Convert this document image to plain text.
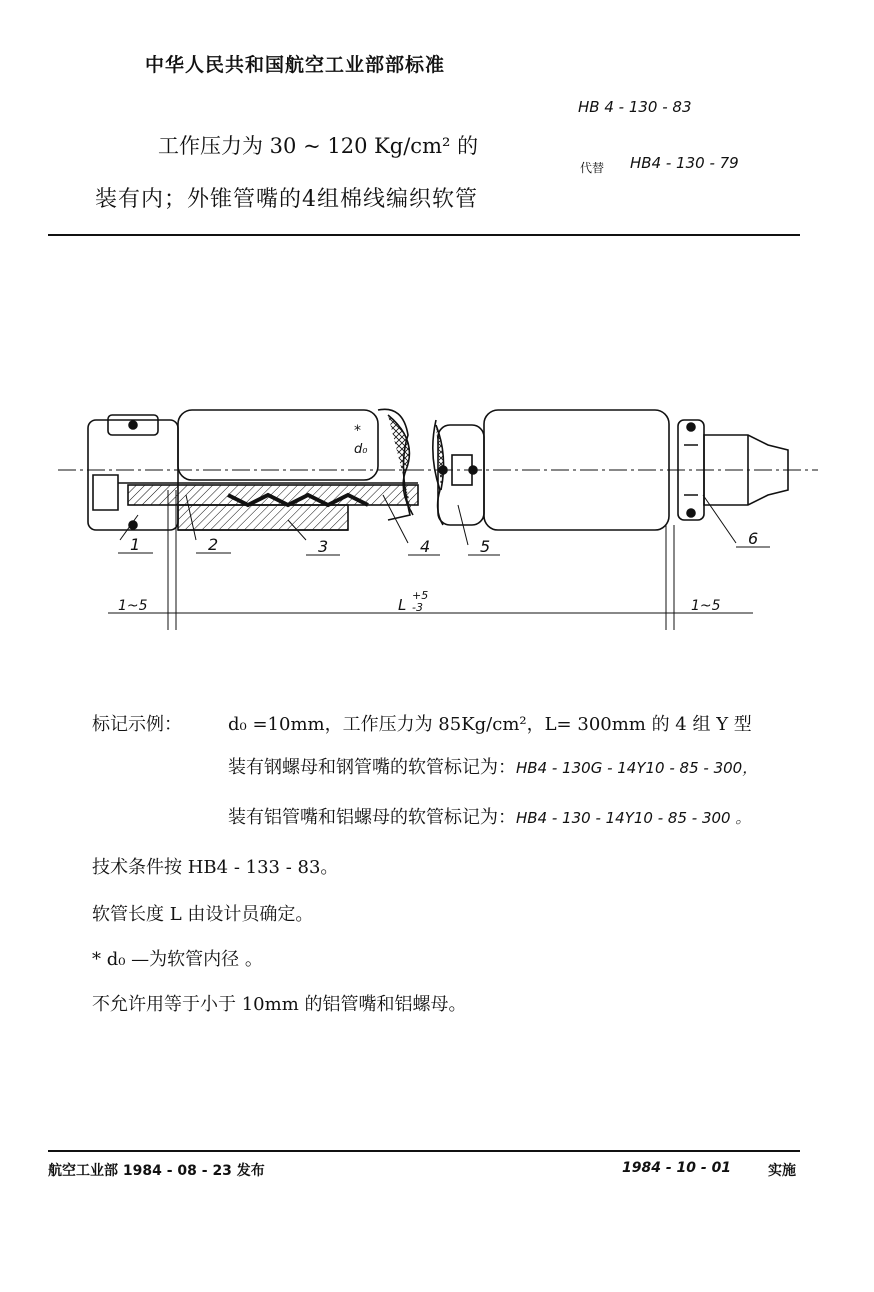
中华人民共和国航空工业部部标准
HB 4 - 130 - 83
工作压力为 30 ~ 120 Kg/cm² 的
装有内；外锥管嘴的4组棉线编织软管
代替 HB4 - 130 - 79
1	2	3	4	5	6
*
d₀
1~5	L
+5
-3	1~5
标记示例：	d₀ =10mm，工作压力为 85Kg/cm²，L= 300mm 的 4 组 Y 型
装有钢螺母和钢管嘴的软管标记为：HB4 - 130G - 14Y10 - 85 - 300，
装有铝管嘴和铝螺母的软管标记为：HB4 - 130 - 14Y10 - 85 - 300 。
技术条件按 HB4 - 133 - 83。
软管长度 L 由设计员确定。
* d₀ —为软管内径 。
不允许用等于小于 10mm 的铝管嘴和铝螺母。
航空工业部 1984 - 08 - 23 发布	1984 - 10 - 01	实施
